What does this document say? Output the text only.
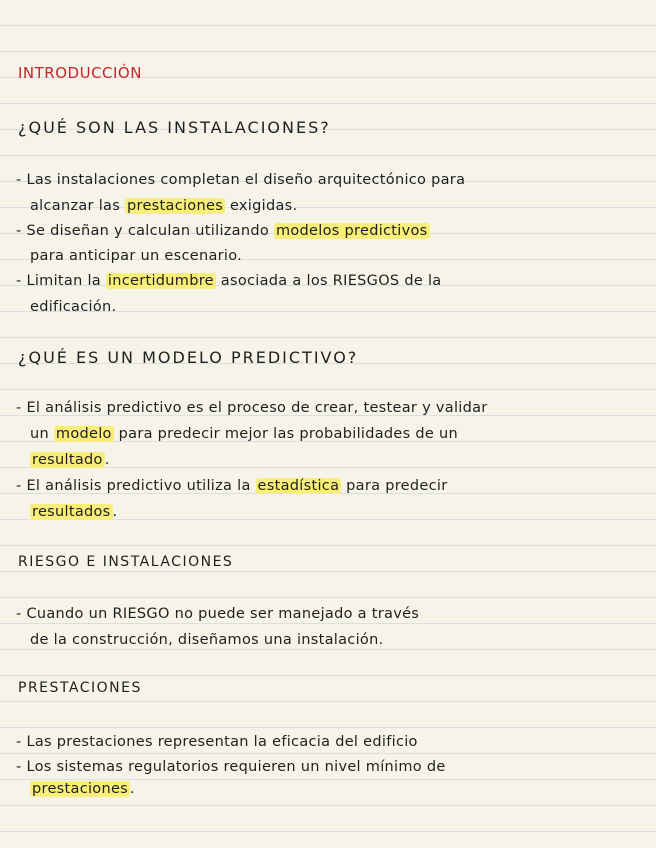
INTRODUCCIÓN
¿QUÉ SON LAS INSTALACIONES?
- Las instalaciones completan el diseño arquitectónico para
alcanzar las prestaciones exigidas.
- Se diseñan y calculan utilizando modelos predictivos
para anticipar un escenario.
- Limitan la incertidumbre asociada a los RIESGOS de la
edificación.
¿QUÉ ES UN MODELO PREDICTIVO?
- El análisis predictivo es el proceso de crear, testear y validar
un modelo para predecir mejor las probabilidades de un
resultado .
- El análisis predictivo utiliza la estadística para predecir
resultados .
RIESGO E INSTALACIONES
- Cuando un RIESGO no puede ser manejado a través
de la construcción, diseñamos una instalación.
PRESTACIONES
- Las prestaciones representan la eficacia del edificio
- Los sistemas regulatorios requieren un nivel mínimo de
prestaciones .
